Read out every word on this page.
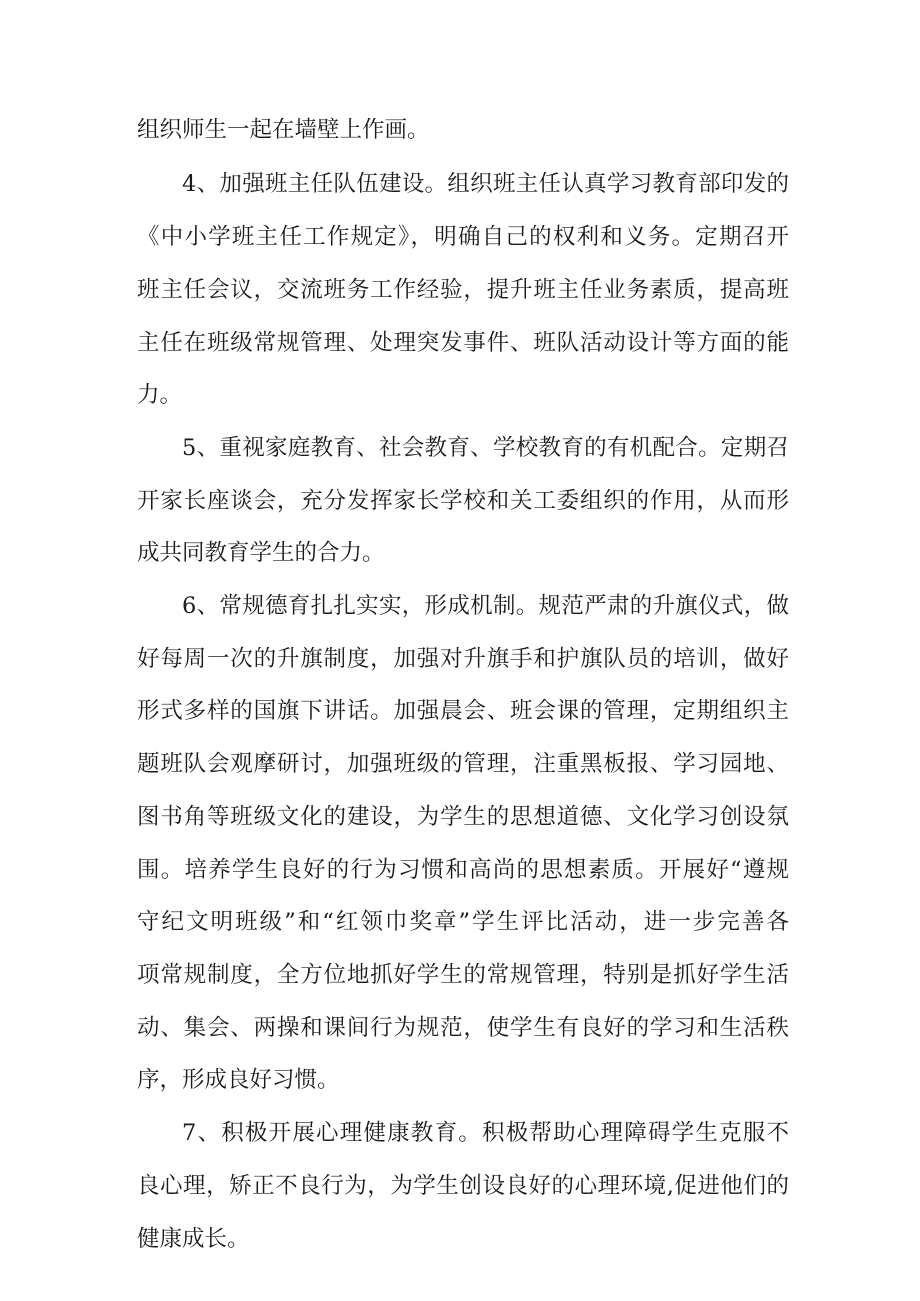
组织师生一起在墙壁上作画。
4、加强班主任队伍建设。组织班主任认真学习教育部印发的
《中小学班主任工作规定》，明确自己的权利和义务。定期召开
班主任会议，交流班务工作经验，提升班主任业务素质，提高班
主任在班级常规管理、处理突发事件、班队活动设计等方面的能
力。
5、重视家庭教育、社会教育、学校教育的有机配合。定期召
开家长座谈会，充分发挥家长学校和关工委组织的作用，从而形
成共同教育学生的合力。
6、常规德育扎扎实实，形成机制。规范严肃的升旗仪式，做
好每周一次的升旗制度，加强对升旗手和护旗队员的培训，做好
形式多样的国旗下讲话。加强晨会、班会课的管理，定期组织主
题班队会观摩研讨，加强班级的管理，注重黑板报、学习园地、
图书角等班级文化的建设，为学生的思想道德、文化学习创设氛
围。培养学生良好的行为习惯和高尚的思想素质。开展好“遵规
守纪文明班级”和“红领巾奖章”学生评比活动，进一步完善各
项常规制度，全方位地抓好学生的常规管理，特别是抓好学生活
动、集会、两操和课间行为规范，使学生有良好的学习和生活秩
序，形成良好习惯。
7、积极开展心理健康教育。积极帮助心理障碍学生克服不
良心理，矫正不良行为，为学生创设良好的心理环境,促进他们的
健康成长。
